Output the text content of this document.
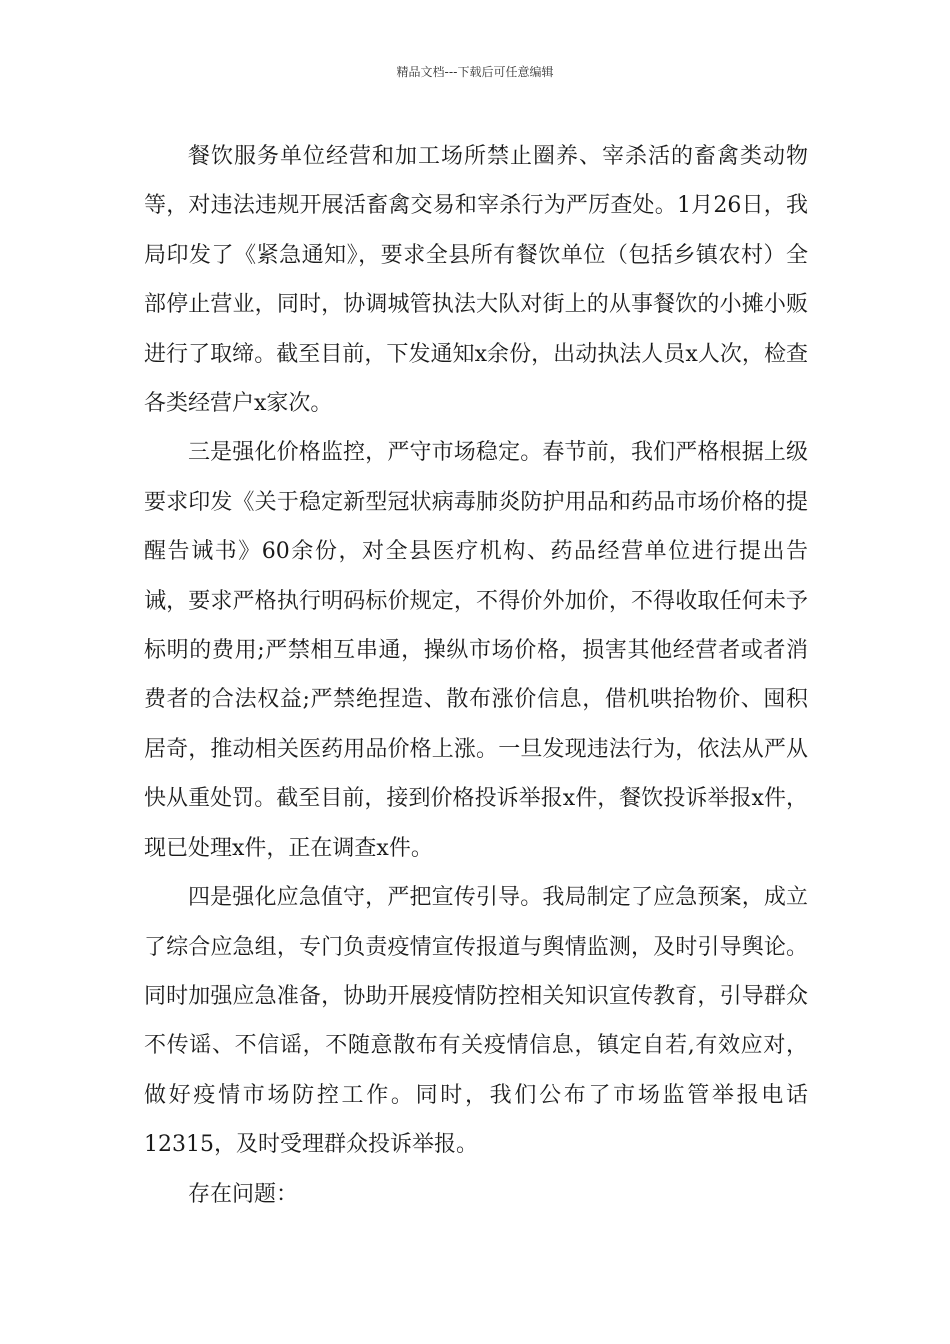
精品文档---下载后可任意编辑

餐饮服务单位经营和加工场所禁止圈养、宰杀活的畜禽类动物等，对违法违规开展活畜禽交易和宰杀行为严厉查处。1月26日，我局印发了《紧急通知》，要求全县所有餐饮单位（包括乡镇农村）全部停止营业，同时，协调城管执法大队对街上的从事餐饮的小摊小贩进行了取缔。截至目前，下发通知x余份，出动执法人员x人次，检查各类经营户x家次。

三是强化价格监控，严守市场稳定。春节前，我们严格根据上级要求印发《关于稳定新型冠状病毒肺炎防护用品和药品市场价格的提醒告诫书》60余份，对全县医疗机构、药品经营单位进行提出告诫，要求严格执行明码标价规定，不得价外加价，不得收取任何未予标明的费用;严禁相互串通，操纵市场价格，损害其他经营者或者消费者的合法权益;严禁绝捏造、散布涨价信息，借机哄抬物价、囤积居奇，推动相关医药用品价格上涨。一旦发现违法行为，依法从严从快从重处罚。截至目前，接到价格投诉举报x件，餐饮投诉举报x件，现已处理x件，正在调查x件。

四是强化应急值守，严把宣传引导。我局制定了应急预案，成立了综合应急组，专门负责疫情宣传报道与舆情监测，及时引导舆论。同时加强应急准备，协助开展疫情防控相关知识宣传教育，引导群众不传谣、不信谣，不随意散布有关疫情信息，镇定自若,有效应对，做好疫情市场防控工作。同时，我们公布了市场监管举报电话12315，及时受理群众投诉举报。

存在问题：
